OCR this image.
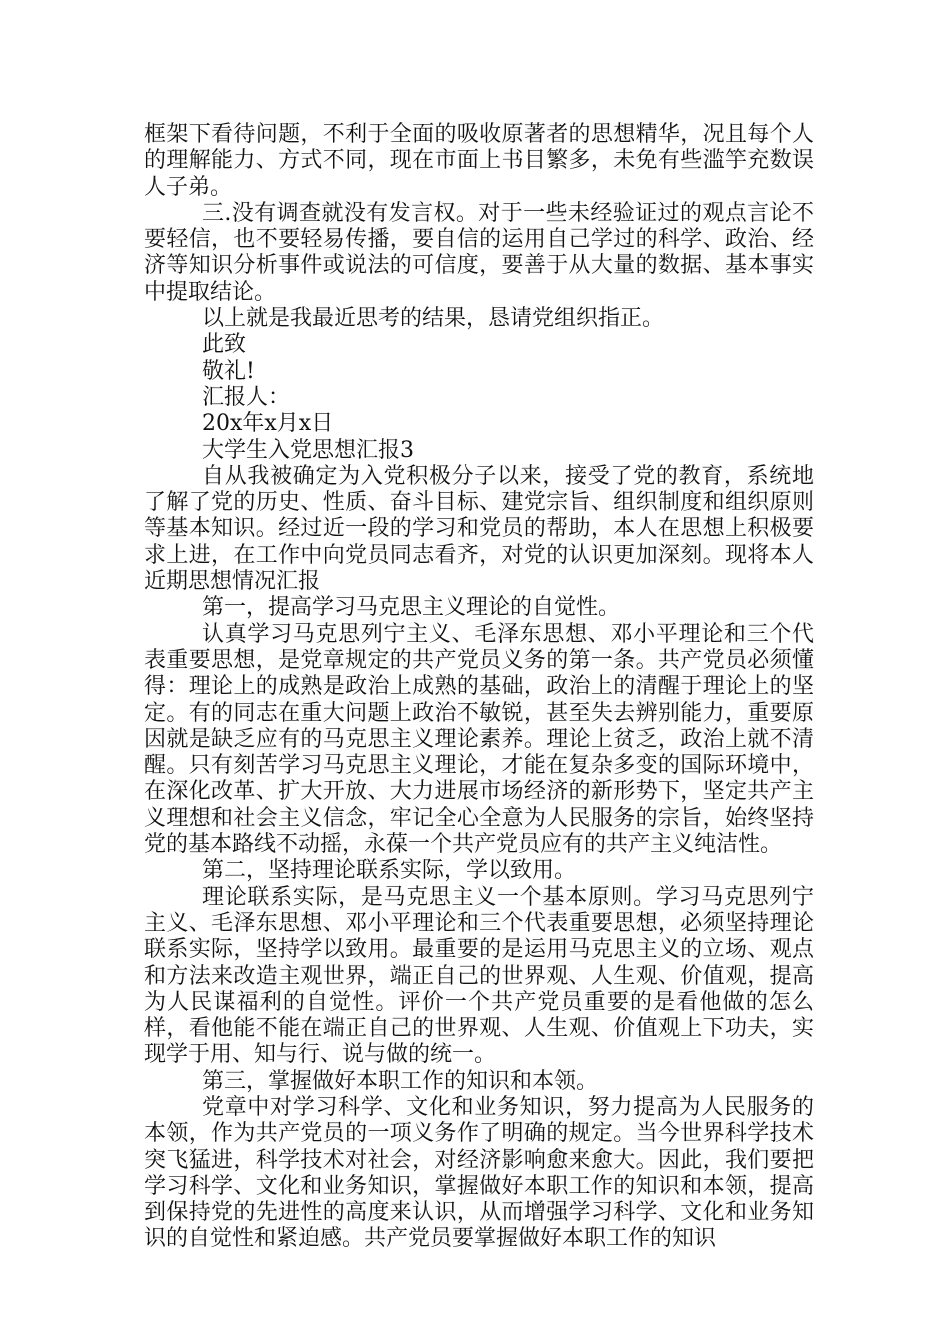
框架下看待问题，不利于全面的吸收原著者的思想精华，况且每个人的理解能力、方式不同，现在市面上书目繁多，未免有些滥竽充数误人子弟。

三.没有调查就没有发言权。对于一些未经验证过的观点言论不要轻信，也不要轻易传播，要自信的运用自己学过的科学、政治、经济等知识分析事件或说法的可信度，要善于从大量的数据、基本事实中提取结论。

以上就是我最近思考的结果，恳请党组织指正。

此致

敬礼!

汇报人：

20x年x月x日

大学生入党思想汇报3

自从我被确定为入党积极分子以来，接受了党的教育，系统地了解了党的历史、性质、奋斗目标、建党宗旨、组织制度和组织原则等基本知识。经过近一段的学习和党员的帮助，本人在思想上积极要求上进，在工作中向党员同志看齐，对党的认识更加深刻。现将本人近期思想情况汇报

第一，提高学习马克思主义理论的自觉性。

认真学习马克思列宁主义、毛泽东思想、邓小平理论和三个代表重要思想，是党章规定的共产党员义务的第一条。共产党员必须懂得：理论上的成熟是政治上成熟的基础，政治上的清醒于理论上的坚定。有的同志在重大问题上政治不敏锐，甚至失去辨别能力，重要原因就是缺乏应有的马克思主义理论素养。理论上贫乏，政治上就不清醒。只有刻苦学习马克思主义理论，才能在复杂多变的国际环境中，在深化改革、扩大开放、大力进展市场经济的新形势下，坚定共产主义理想和社会主义信念，牢记全心全意为人民服务的宗旨，始终坚持党的基本路线不动摇，永葆一个共产党员应有的共产主义纯洁性。

第二，坚持理论联系实际，学以致用。

理论联系实际，是马克思主义一个基本原则。学习马克思列宁主义、毛泽东思想、邓小平理论和三个代表重要思想，必须坚持理论联系实际，坚持学以致用。最重要的是运用马克思主义的立场、观点和方法来改造主观世界，端正自己的世界观、人生观、价值观，提高为人民谋福利的自觉性。评价一个共产党员重要的是看他做的怎么样，看他能不能在端正自己的世界观、人生观、价值观上下功夫，实现学于用、知与行、说与做的统一。

第三，掌握做好本职工作的知识和本领。

党章中对学习科学、文化和业务知识，努力提高为人民服务的本领，作为共产党员的一项义务作了明确的规定。当今世界科学技术突飞猛进，科学技术对社会，对经济影响愈来愈大。因此，我们要把学习科学、文化和业务知识，掌握做好本职工作的知识和本领，提高到保持党的先进性的高度来认识，从而增强学习科学、文化和业务知识的自觉性和紧迫感。共产党员要掌握做好本职工作的知识
